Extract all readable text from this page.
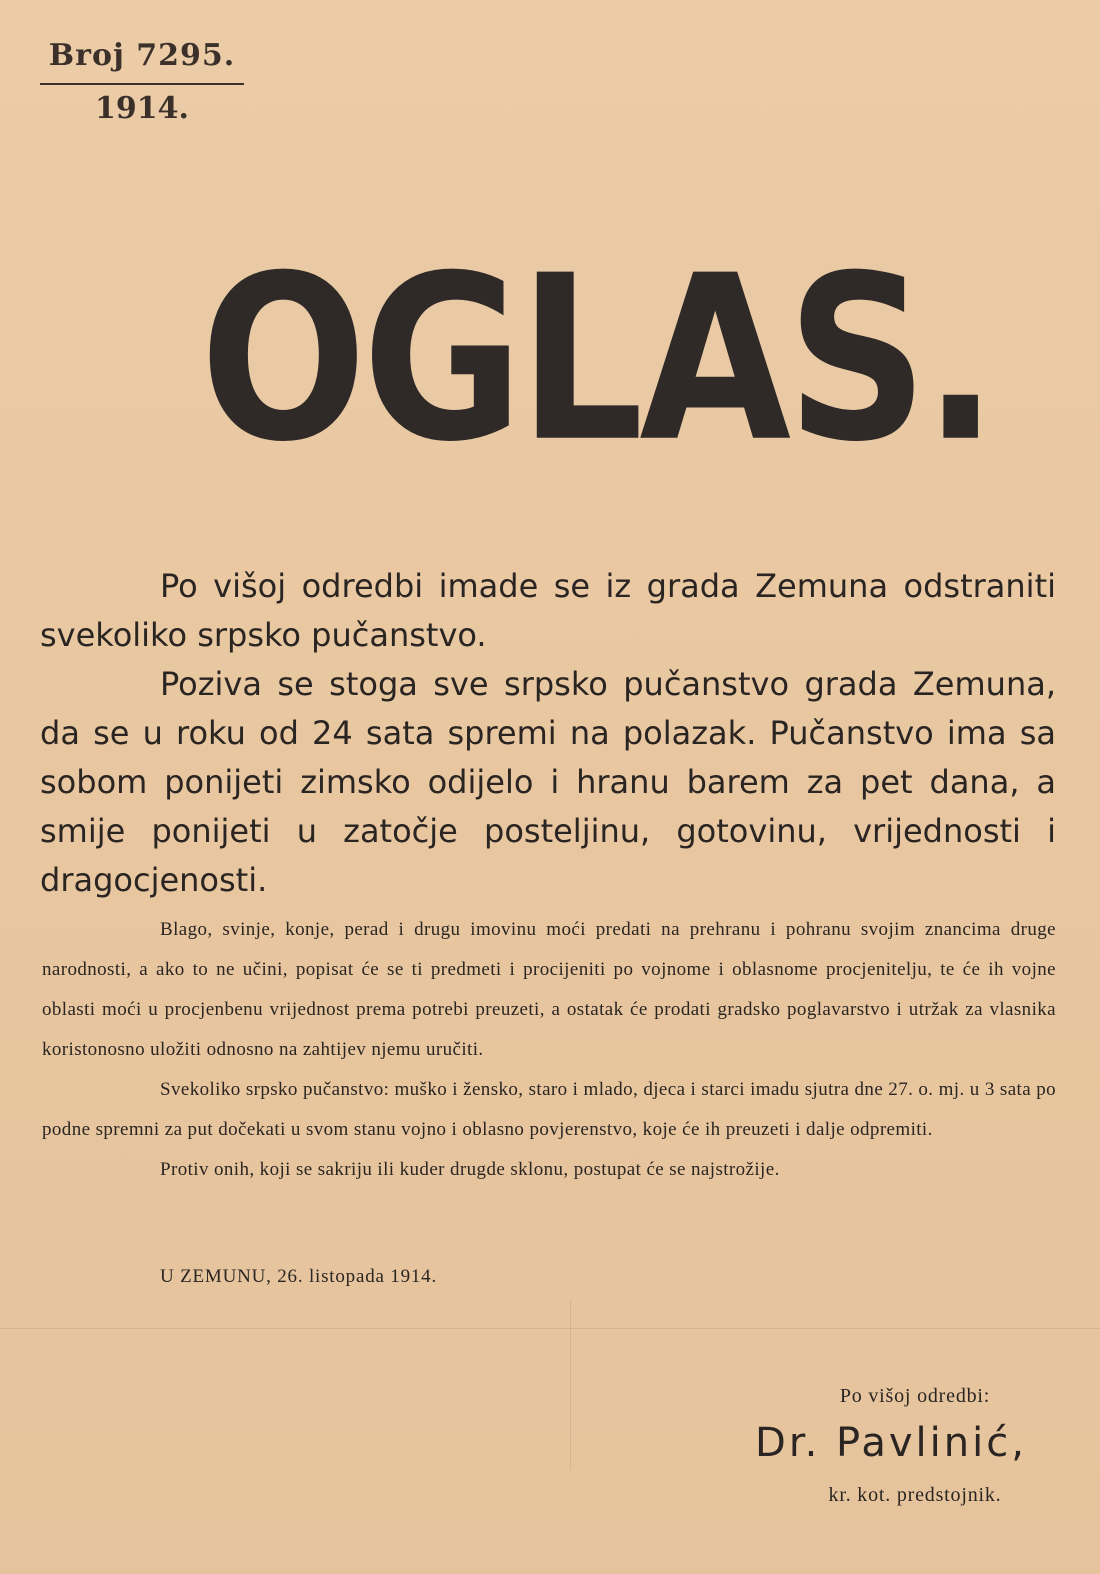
Broj 7295.
1914.
OGLAS.

Po višoj odredbi imade se iz grada Zemuna odstraniti svekoliko srpsko pučanstvo.

Poziva se stoga sve srpsko pučanstvo grada Zemuna, da se u roku od 24 sata spremi na polazak. Pučanstvo ima sa sobom ponijeti zimsko odijelo i hranu barem za pet dana, a smije ponijeti u zatočje posteljinu, gotovinu, vrijednosti i dragocjenosti.

Blago, svinje, konje, perad i drugu imovinu moći predati na prehranu i pohranu svojim znancima druge narodnosti, a ako to ne učini, popisat će se ti predmeti i procijeniti po vojnome i oblasnome procjenitelju, te će ih vojne oblasti moći u procjenbenu vrijednost prema potrebi preuzeti, a ostatak će prodati gradsko poglavarstvo i utržak za vlasnika koristonosno uložiti odnosno na zahtijev njemu uručiti.

Svekoliko srpsko pučanstvo: muško i žensko, staro i mlado, djeca i starci imadu sjutra dne 27. o. mj. u 3 sata po podne spremni za put dočekati u svom stanu vojno i oblasno povjerenstvo, koje će ih preuzeti i dalje odpremiti.

Protiv onih, koji se sakriju ili kuder drugde sklonu, postupat će se najstrožije.

U ZEMUNU, 26. listopada 1914.
Po višoj odredbi:
Dr. Pavlinić,
kr. kot. predstojnik.
